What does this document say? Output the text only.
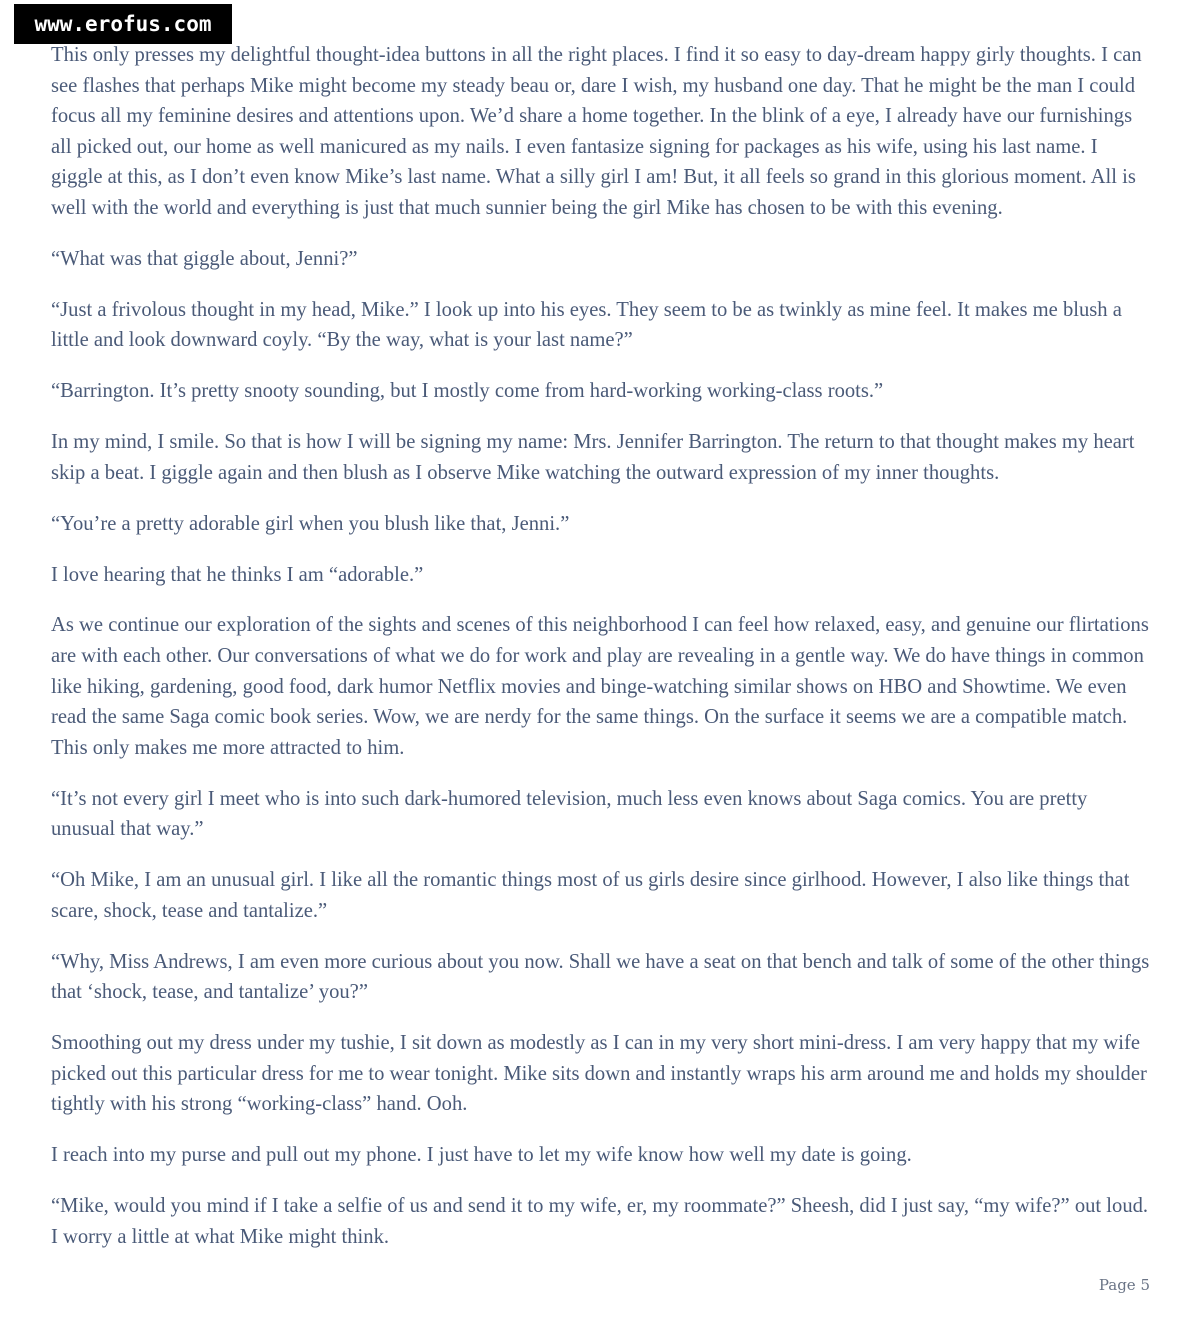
www.erofus.com

This only presses my delightful thought-idea buttons in all the right places. I find it so easy to day-dream happy girly thoughts. I can see flashes that perhaps Mike might become my steady beau or, dare I wish, my husband one day. That he might be the man I could focus all my feminine desires and attentions upon. We’d share a home together. In the blink of a eye, I already have our furnishings all picked out, our home as well manicured as my nails. I even fantasize signing for packages as his wife, using his last name. I giggle at this, as I don’t even know Mike’s last name. What a silly girl I am! But, it all feels so grand in this glorious moment. All is well with the world and everything is just that much sunnier being the girl Mike has chosen to be with this evening.

“What was that giggle about, Jenni?”

“Just a frivolous thought in my head, Mike.” I look up into his eyes. They seem to be as twinkly as mine feel. It makes me blush a little and look downward coyly. “By the way, what is your last name?”

“Barrington. It’s pretty snooty sounding, but I mostly come from hard-working working-class roots.”

In my mind, I smile. So that is how I will be signing my name: Mrs. Jennifer Barrington. The return to that thought makes my heart skip a beat. I giggle again and then blush as I observe Mike watching the outward expression of my inner thoughts.

“You’re a pretty adorable girl when you blush like that, Jenni.”

I love hearing that he thinks I am “adorable.”

As we continue our exploration of the sights and scenes of this neighborhood I can feel how relaxed, easy, and genuine our flirtations are with each other. Our conversations of what we do for work and play are revealing in a gentle way. We do have things in common like hiking, gardening, good food, dark humor Netflix movies and binge-watching similar shows on HBO and Showtime. We even read the same Saga comic book series. Wow, we are nerdy for the same things. On the surface it seems we are a compatible match. This only makes me more attracted to him.

“It’s not every girl I meet who is into such dark-humored television, much less even knows about Saga comics. You are pretty unusual that way.”

“Oh Mike, I am an unusual girl. I like all the romantic things most of us girls desire since girlhood. However, I also like things that scare, shock, tease and tantalize.”

“Why, Miss Andrews, I am even more curious about you now. Shall we have a seat on that bench and talk of some of the other things that ‘shock, tease, and tantalize’ you?”

Smoothing out my dress under my tushie, I sit down as modestly as I can in my very short mini-dress. I am very happy that my wife picked out this particular dress for me to wear tonight. Mike sits down and instantly wraps his arm around me and holds my shoulder tightly with his strong “working-class” hand. Ooh.

I reach into my purse and pull out my phone. I just have to let my wife know how well my date is going.

“Mike, would you mind if I take a selfie of us and send it to my wife, er, my roommate?” Sheesh, did I just say, “my wife?” out loud. I worry a little at what Mike might think.

Page 5
